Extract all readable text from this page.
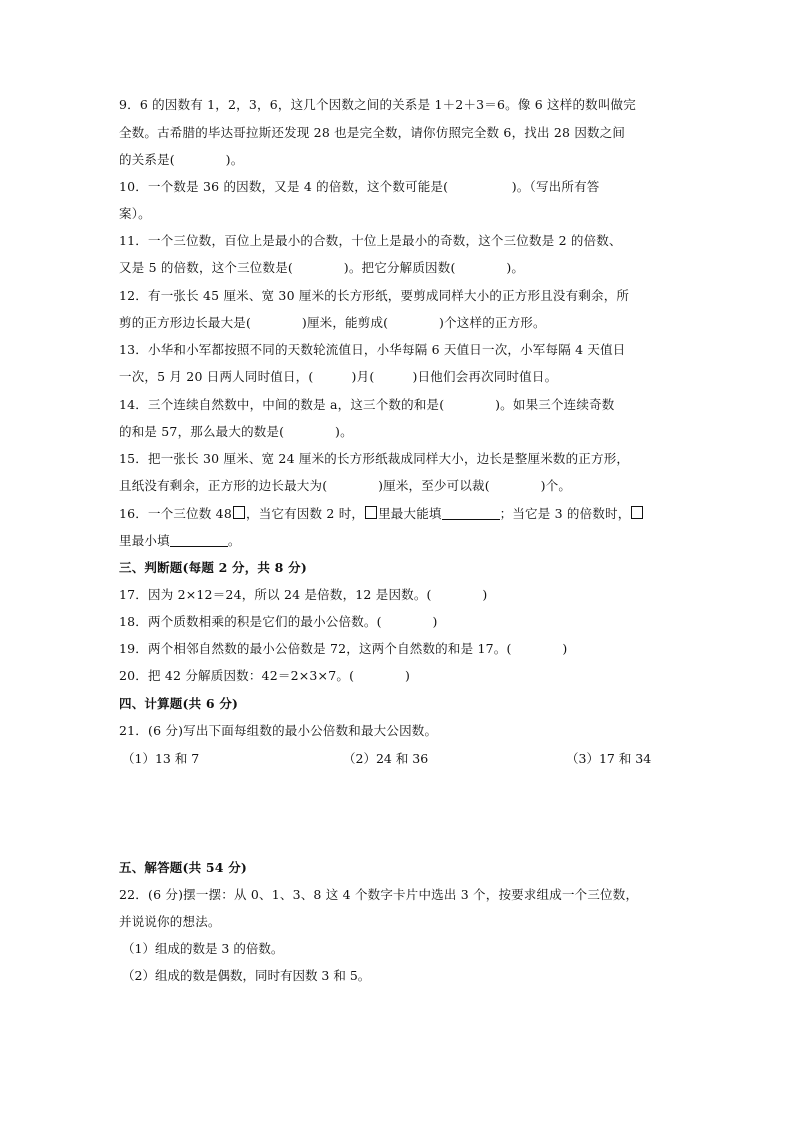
9．6 的因数有 1，2，3，6，这几个因数之间的关系是 1＋2＋3＝6。像 6 这样的数叫做完
全数。古希腊的毕达哥拉斯还发现 28 也是完全数，请你仿照完全数 6，找出 28 因数之间
的关系是(　　　　)。
10．一个数是 36 的因数，又是 4 的倍数，这个数可能是(　　　　　)。（写出所有答
案）。
11．一个三位数，百位上是最小的合数，十位上是最小的奇数，这个三位数是 2 的倍数、
又是 5 的倍数，这个三位数是(　　　　)。把它分解质因数(　　　　)。
12．有一张长 45 厘米、宽 30 厘米的长方形纸，要剪成同样大小的正方形且没有剩余，所
剪的正方形边长最大是(　　　　)厘米，能剪成(　　　　)个这样的正方形。
13．小华和小军都按照不同的天数轮流值日，小华每隔 6 天值日一次，小军每隔 4 天值日
一次，5 月 20 日两人同时值日，(　　　)月(　　　)日他们会再次同时值日。
14．三个连续自然数中，中间的数是 a，这三个数的和是(　　　　)。如果三个连续奇数
的和是 57，那么最大的数是(　　　　)。
15．把一张长 30 厘米、宽 24 厘米的长方形纸裁成同样大小，边长是整厘米数的正方形，
且纸没有剩余，正方形的边长最大为(　　　　)厘米，至少可以裁(　　　　)个。
16．一个三位数 48 ，当它有因数 2 时， 里最大能填	；当它是 3 的倍数时，
里最小填	。
三、判断题(每题 2 分，共 8 分)
17．因为 2×12＝24，所以 24 是倍数，12 是因数。(　　　　)
18．两个质数相乘的积是它们的最小公倍数。(　　　　)
19．两个相邻自然数的最小公倍数是 72，这两个自然数的和是 17。(　　　　)
20．把 42 分解质因数：42＝2×3×7。(　　　　)
四、计算题(共 6 分)
21．(6 分)写出下面每组数的最小公倍数和最大公因数。
（1）13 和 7	（2）24 和 36	（3）17 和 34
五、解答题(共 54 分)
22．(6 分)摆一摆：从 0、1、3、8 这 4 个数字卡片中选出 3 个，按要求组成一个三位数，
并说说你的想法。
（1）组成的数是 3 的倍数。
（2）组成的数是偶数，同时有因数 3 和 5。
